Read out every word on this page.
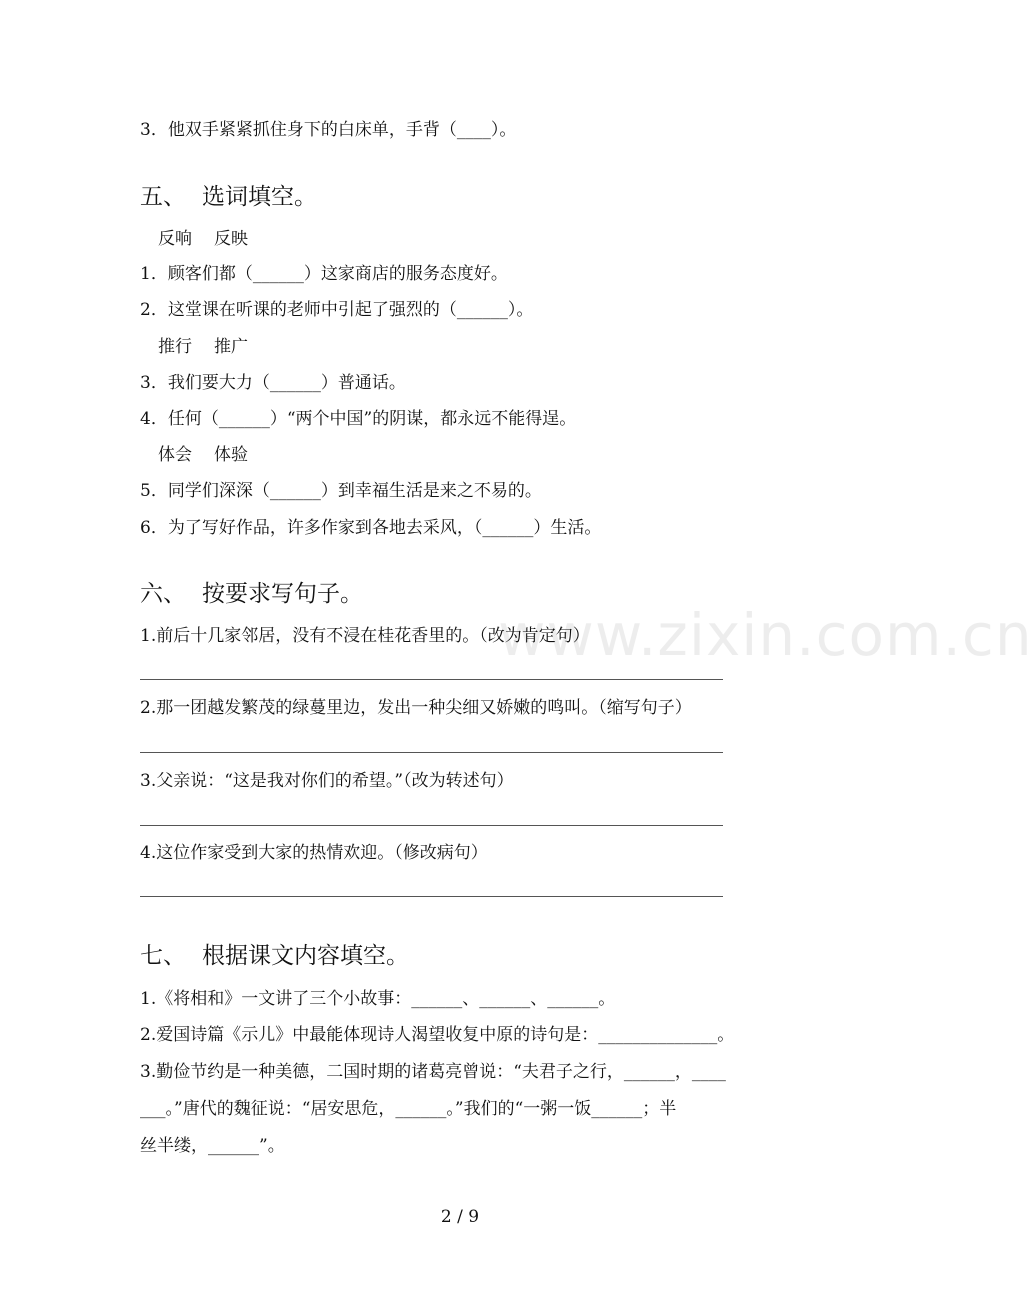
www.zixin.com.cn
3．他双手紧紧抓住身下的白床单，手背（____）。
五、 选词填空。
反响 反映
1．顾客们都（______）这家商店的服务态度好。
2．这堂课在听课的老师中引起了强烈的（______）。
推行 推广
3．我们要大力（______）普通话。
4．任何（______）“两个中国”的阴谋，都永远不能得逞。
体会 体验
5．同学们深深（______）到幸福生活是来之不易的。
6．为了写好作品，许多作家到各地去采风，（______）生活。
六、 按要求写句子。
1.前后十几家邻居，没有不浸在桂花香里的。（改为肯定句）
2.那一团越发繁茂的绿蔓里边，发出一种尖细又娇嫩的鸣叫。（缩写句子）
3.父亲说：“这是我对你们的希望。”（改为转述句）
4.这位作家受到大家的热情欢迎。（修改病句）
七、 根据课文内容填空。
1.《将相和》一文讲了三个小故事：______、______、______。
2.爱国诗篇《示儿》中最能体现诗人渴望收复中原的诗句是：______________。
3.勤俭节约是一种美德，二国时期的诸葛亮曾说：“夫君子之行，______，____
___。”唐代的魏征说：“居安思危，______。”我们的“一粥一饭______；半
丝半缕，______”。
2 / 9
